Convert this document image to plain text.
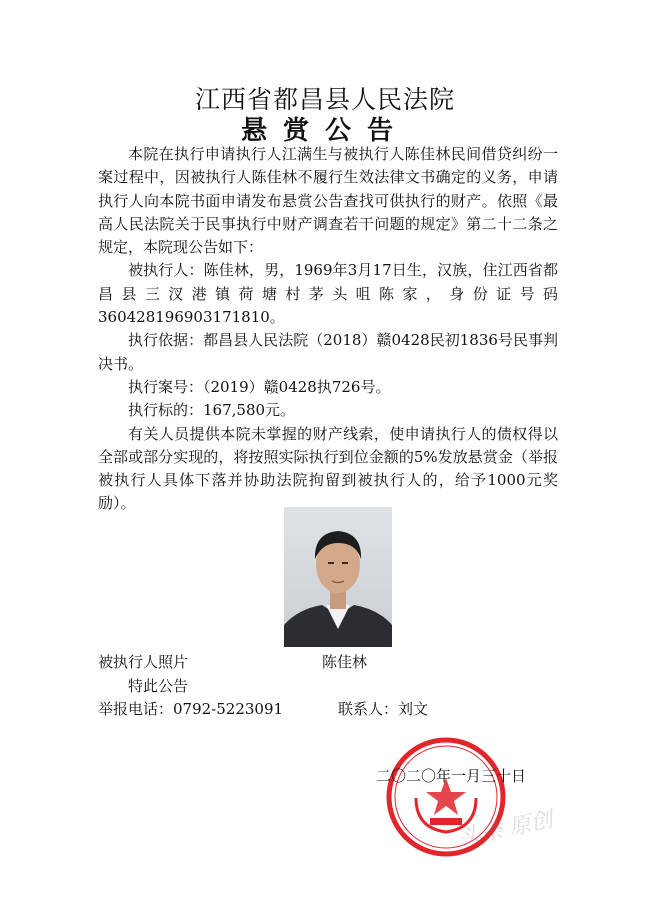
江西省都昌县人民法院
悬赏公告

本院在执行申请执行人江满生与被执行人陈佳林民间借贷纠纷一案过程中，因被执行人陈佳林不履行生效法律文书确定的义务，申请执行人向本院书面申请发布悬赏公告查找可供执行的财产。依照《最高人民法院关于民事执行中财产调查若干问题的规定》第二十二条之规定，本院现公告如下：

被执行人：陈佳林，男，1969年3月17日生，汉族，住江西省都昌县三汊港镇荷塘村茅头咀陈家，身份证号码360428196903171810。

执行依据：都昌县人民法院（2018）赣0428民初1836号民事判决书。

执行案号：（2019）赣0428执726号。

执行标的：167,580元。

有关人员提供本院未掌握的财产线索，使申请执行人的债权得以全部或部分实现的，将按照实际执行到位金额的5%发放悬赏金（举报被执行人具体下落并协助法院拘留到被执行人的，给予1000元奖励）。

被执行人照片	陈佳林
特此公告
举报电话：0792-5223091	联系人：刘文
二〇二〇年一月三十日
头条 原创
